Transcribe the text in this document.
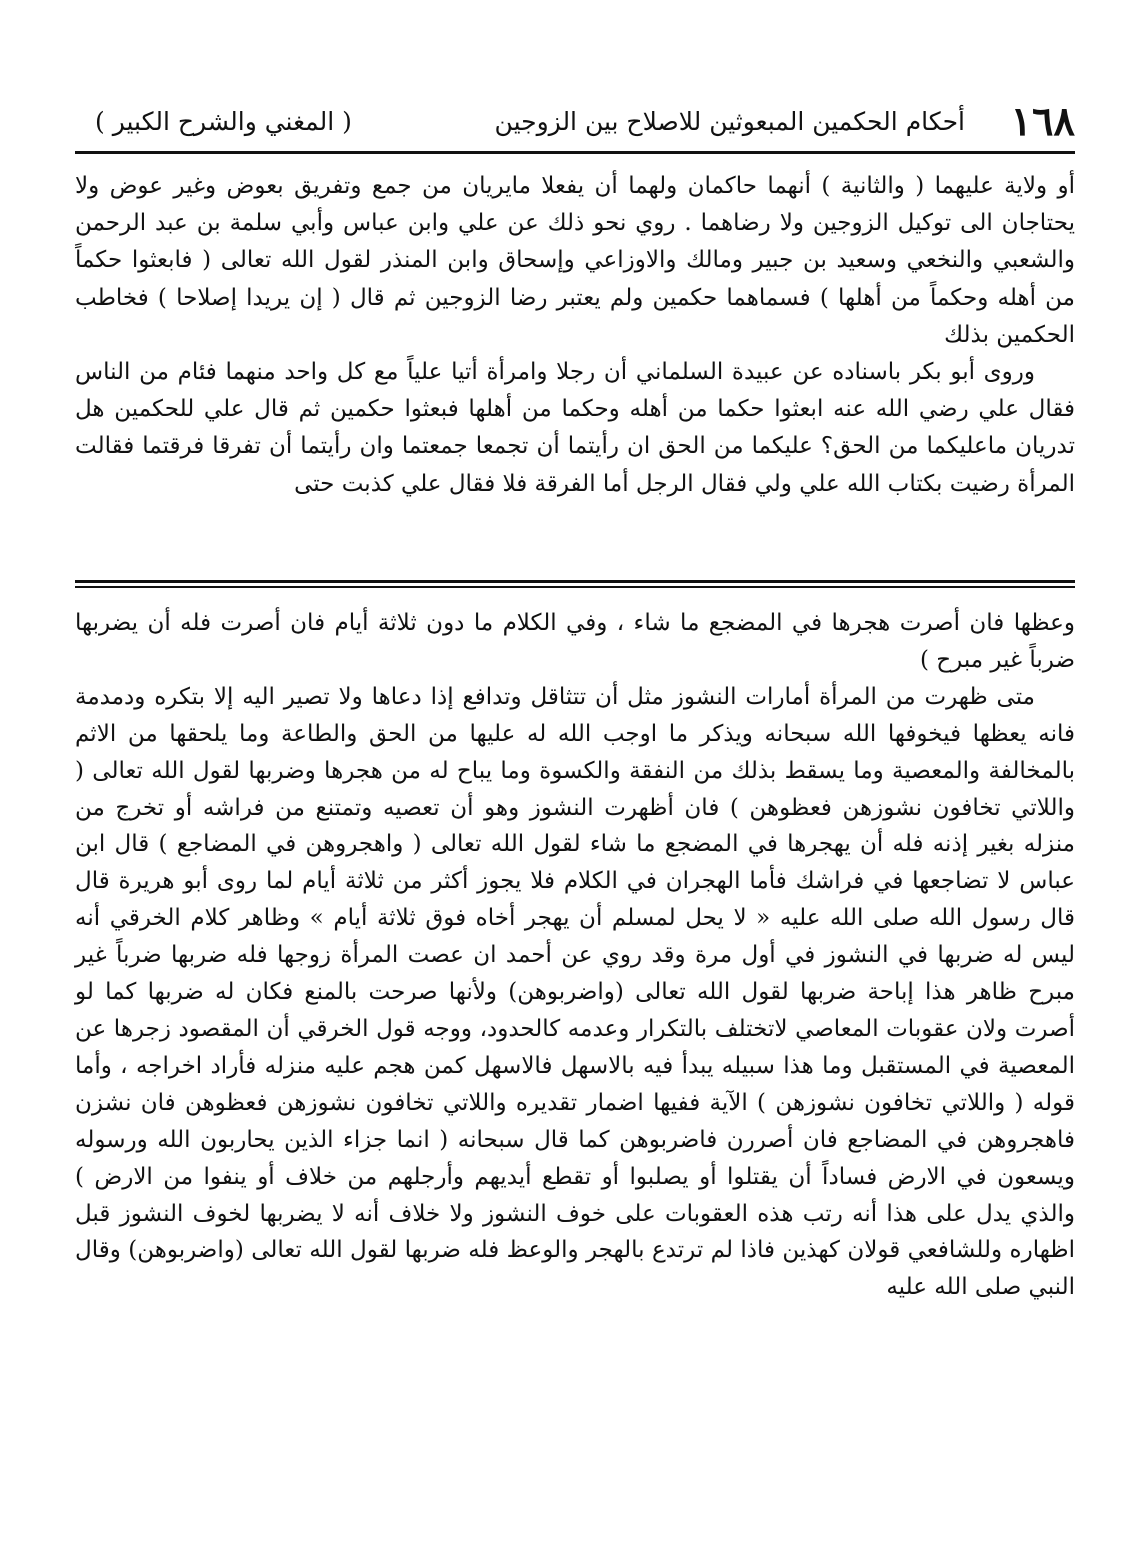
١٦٨
أحكام الحكمين المبعوثين للاصلاح بين الزوجين
( المغني والشرح الكبير )

أو ولاية عليهما ( والثانية ) أنهما حاكمان ولهما أن يفعلا مايريان من جمع وتفريق بعوض وغير عوض ولا يحتاجان الى توكيل الزوجين ولا رضاهما . روي نحو ذلك عن علي وابن عباس وأبي سلمة بن عبد الرحمن والشعبي والنخعي وسعيد بن جبير ومالك والاوزاعي وإسحاق وابن المنذر لقول الله تعالى ( فابعثوا حكماً من أهله وحكماً من أهلها ) فسماهما حكمين ولم يعتبر رضا الزوجين ثم قال ( إن يريدا إصلاحا ) فخاطب الحكمين بذلك

وروى أبو بكر باسناده عن عبيدة السلماني أن رجلا وامرأة أتيا علياً مع كل واحد منهما فئام من الناس فقال علي رضي الله عنه ابعثوا حكما من أهله وحكما من أهلها فبعثوا حكمين ثم قال علي للحكمين هل تدريان ماعليكما من الحق؟ عليكما من الحق ان رأيتما أن تجمعا جمعتما وان رأيتما أن تفرقا فرقتما فقالت المرأة رضيت بكتاب الله علي ولي فقال الرجل أما الفرقة فلا فقال علي كذبت حتى

وعظها فان أصرت هجرها في المضجع ما شاء ، وفي الكلام ما دون ثلاثة أيام فان أصرت فله أن يضربها ضرباً غير مبرح )

متى ظهرت من المرأة أمارات النشوز مثل أن تتثاقل وتدافع إذا دعاها ولا تصير اليه إلا بتكره ودمدمة فانه يعظها فيخوفها الله سبحانه ويذكر ما اوجب الله له عليها من الحق والطاعة وما يلحقها من الاثم بالمخالفة والمعصية وما يسقط بذلك من النفقة والكسوة وما يباح له من هجرها وضربها لقول الله تعالى ( واللاتي تخافون نشوزهن فعظوهن ) فان أظهرت النشوز وهو أن تعصيه وتمتنع من فراشه أو تخرج من منزله بغير إذنه فله أن يهجرها في المضجع ما شاء لقول الله تعالى ( واهجروهن في المضاجع ) قال ابن عباس لا تضاجعها في فراشك فأما الهجران في الكلام فلا يجوز أكثر من ثلاثة أيام لما روى أبو هريرة قال قال رسول الله صلى الله عليه « لا يحل لمسلم أن يهجر أخاه فوق ثلاثة أيام » وظاهر كلام الخرقي أنه ليس له ضربها في النشوز في أول مرة وقد روي عن أحمد ان عصت المرأة زوجها فله ضربها ضرباً غير مبرح ظاهر هذا إباحة ضربها لقول الله تعالى (واضربوهن) ولأنها صرحت بالمنع فكان له ضربها كما لو أصرت ولان عقوبات المعاصي لاتختلف بالتكرار وعدمه كالحدود، ووجه قول الخرقي أن المقصود زجرها عن المعصية في المستقبل وما هذا سبيله يبدأ فيه بالاسهل فالاسهل كمن هجم عليه منزله فأراد اخراجه ، وأما قوله ( واللاتي تخافون نشوزهن ) الآية ففيها اضمار تقديره واللاتي تخافون نشوزهن فعظوهن فان نشزن فاهجروهن في المضاجع فان أصررن فاضربوهن كما قال سبحانه ( انما جزاء الذين يحاربون الله ورسوله ويسعون في الارض فساداً أن يقتلوا أو يصلبوا أو تقطع أيديهم وأرجلهم من خلاف أو ينفوا من الارض ) والذي يدل على هذا أنه رتب هذه العقوبات على خوف النشوز ولا خلاف أنه لا يضربها لخوف النشوز قبل اظهاره وللشافعي قولان كهذين فاذا لم ترتدع بالهجر والوعظ فله ضربها لقول الله تعالى (واضربوهن) وقال النبي صلى الله عليه
